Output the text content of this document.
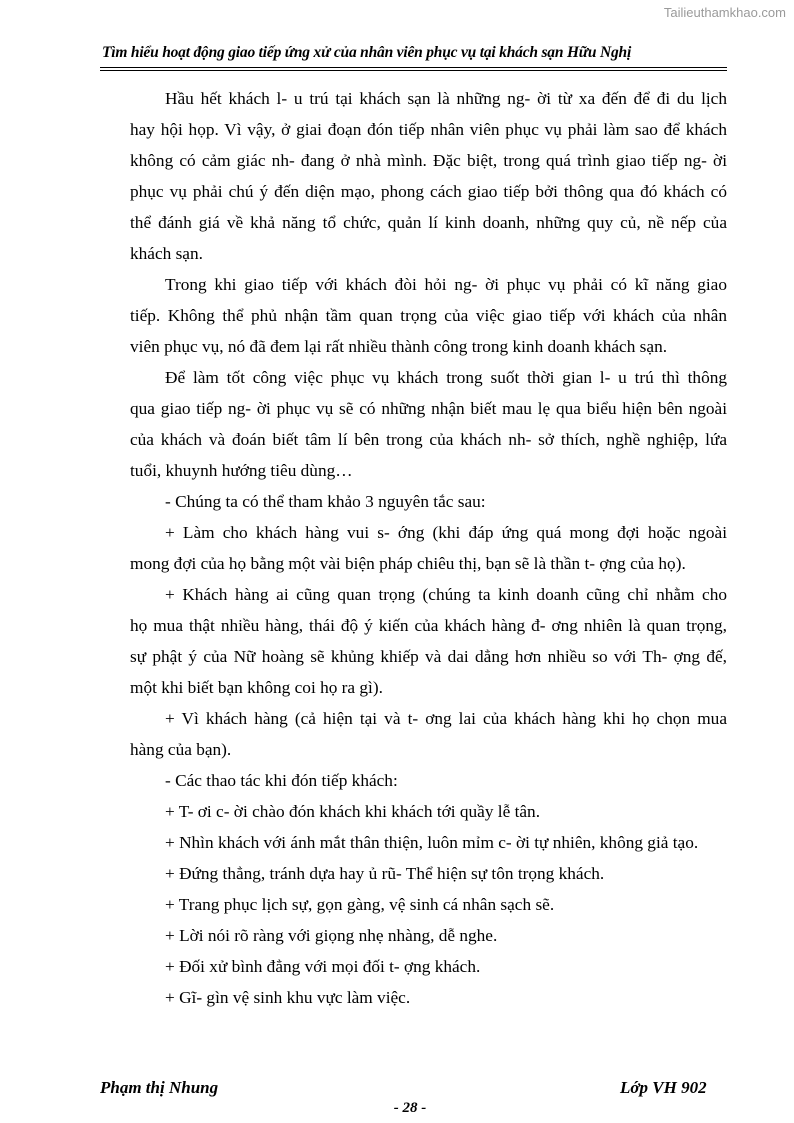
Tailieuthamkhao.com
Tìm hiểu hoạt động giao tiếp ứng xử của nhân viên phục vụ tại khách sạn Hữu Nghị
Hầu hết khách l- u trú tại khách sạn là những ng- ời từ xa đến để đi du lịch
hay hội họp. Vì vậy, ở giai đoạn đón tiếp nhân viên phục vụ phải làm sao để khách
không có cảm giác nh- đang ở nhà mình. Đặc biệt, trong quá trình giao tiếp ng- ời
phục vụ phải chú ý đến diện mạo, phong cách giao tiếp bởi thông qua đó khách có
thể đánh giá về khả năng tổ chức, quản lí kinh doanh, những quy củ, nề nếp của
khách sạn.
Trong khi giao tiếp với khách đòi hỏi ng- ời phục vụ phải có kĩ năng giao
tiếp. Không thể phủ nhận tầm quan trọng của việc giao tiếp với khách của nhân
viên phục vụ, nó đã đem lại rất nhiều thành công trong kinh doanh khách sạn.
Để làm tốt công việc phục vụ khách trong suốt thời gian l- u trú thì thông
qua giao tiếp ng- ời phục vụ sẽ có những nhận biết mau lẹ qua biểu hiện bên ngoài
của khách và đoán biết tâm lí bên trong của khách nh- sở thích, nghề nghiệp, lứa
tuổi, khuynh hướng tiêu dùng…
- Chúng ta có thể tham khảo 3 nguyên tắc sau:
+ Làm cho khách hàng vui s- ớng (khi đáp ứng quá mong đợi hoặc ngoài
mong đợi của họ bằng một vài biện pháp chiêu thị, bạn sẽ là thần t- ợng của họ).
+ Khách hàng ai cũng quan trọng (chúng ta kinh doanh cũng chỉ nhằm cho
họ mua thật nhiều hàng, thái độ ý kiến của khách hàng đ- ơng nhiên là quan trọng,
sự phật ý của Nữ hoàng sẽ khủng khiếp và dai dẳng hơn nhiều so với Th- ợng đế,
một khi biết bạn không coi họ ra gì).
+ Vì khách hàng (cả hiện tại và t- ơng lai của khách hàng khi họ chọn mua
hàng của bạn).
- Các thao tác khi đón tiếp khách:
+ T- ơi c- ời chào đón khách khi khách tới quầy lễ tân.
+ Nhìn khách với ánh mắt thân thiện, luôn mỉm c- ời tự nhiên, không giả tạo.
+ Đứng thẳng, tránh dựa hay ủ rũ- Thể hiện sự tôn trọng khách.
+ Trang phục lịch sự, gọn gàng, vệ sinh cá nhân sạch sẽ.
+ Lời nói rõ ràng với giọng nhẹ nhàng, dễ nghe.
+ Đối xử bình đẳng với mọi đối t- ợng khách.
+ Gĩ- gìn vệ sinh khu vực làm việc.
Phạm thị Nhung	Lớp VH 902
- 28 -
